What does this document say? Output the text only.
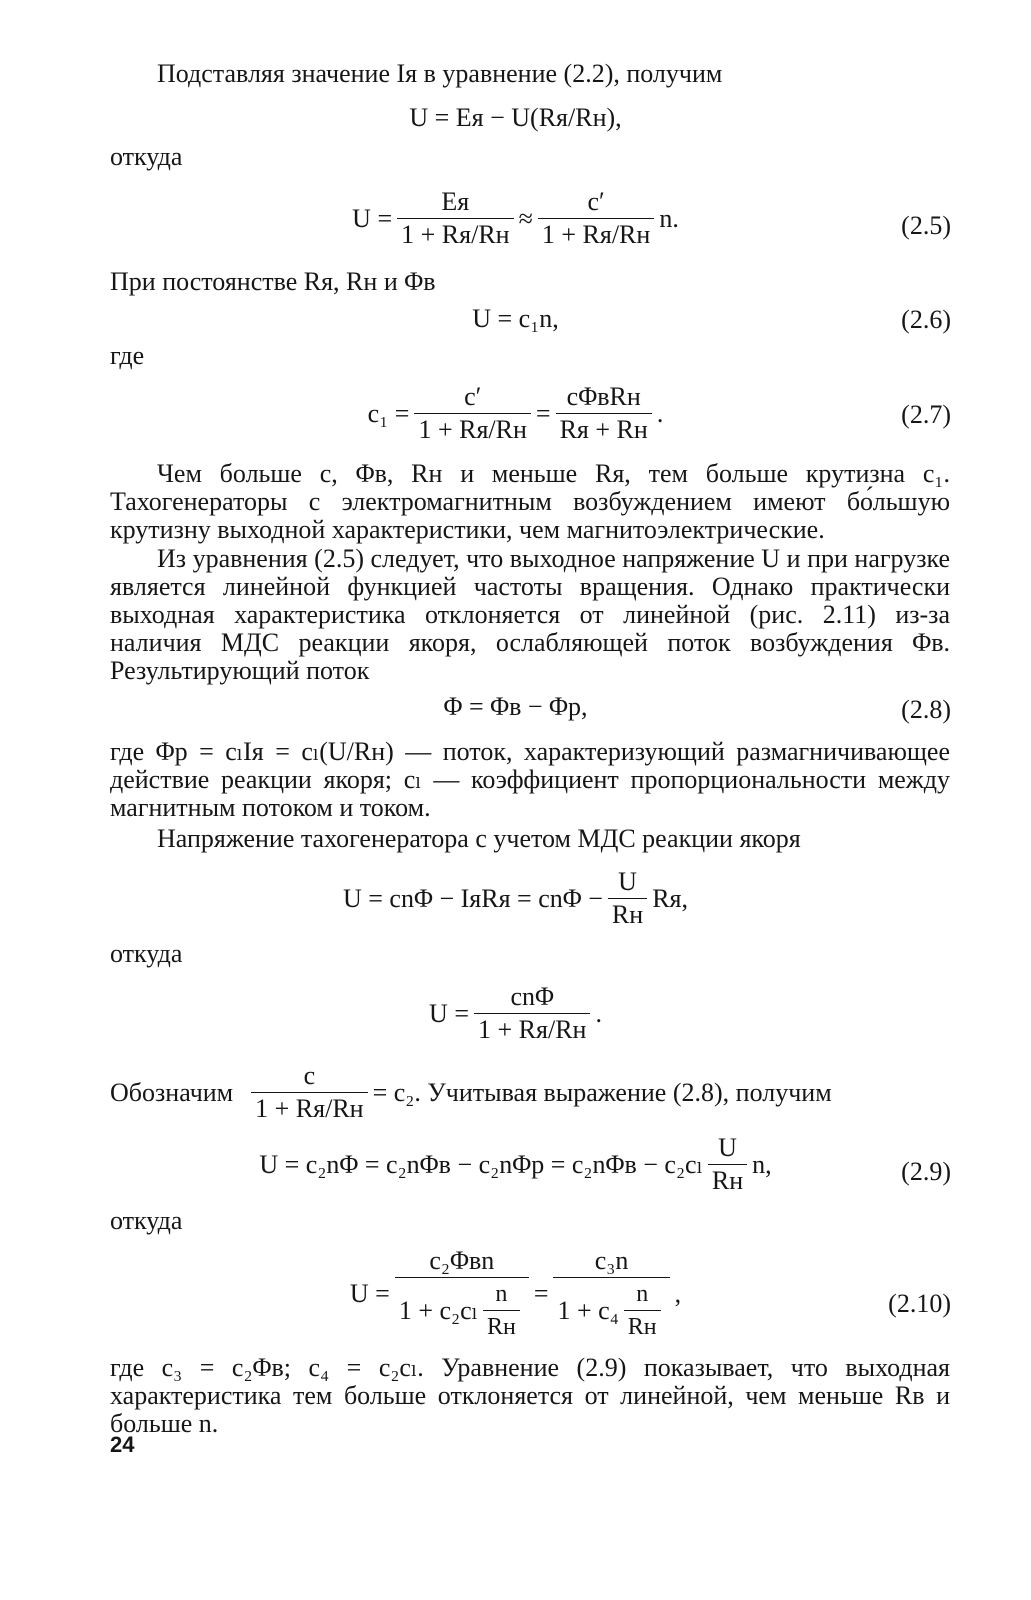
Подставляя значение Iя в уравнение (2.2), получим
U = Eя − U(Rя/Rн),
откуда
$U = \frac{Eя}{1 + Rя/Rн} \approx \frac{c'}{1 + Rя/Rн} n$.	(2.5)
При постоянстве Rя, Rн и Φв
U = c₁n,	(2.6)
где
$c_1 = \frac{c'}{1 + Rя/Rн} = \frac{\text{cΦвRн}}{Rя + Rн}$ .	(2.7)
Чем больше c, Φв, Rн и меньше Rя, тем больше крутизна c₁. Тахогенераторы с электромагнитным возбуждением имеют бо́льшую крутизну выходной характеристики, чем магнитоэлектрические.
Из уравнения (2.5) следует, что выходное напряжение U и при нагрузке является линейной функцией частоты вращения. Однако практически выходная характеристика отклоняется от линейной (рис. 2.11) из-за наличия МДС реакции якоря, ослабляющей поток возбуждения Φв. Результирующий поток
Φ = Φв − Φр,	(2.8)
где Φр = cₗIя = cₗ(U/Rн) — поток, характеризующий размагничивающее действие реакции якоря; cₗ — коэффициент пропорциональности между магнитным потоком и током.
Напряжение тахогенератора с учетом МДС реакции якоря
U = cnΦ − IяRя = $cn\Phi - \frac{U}{Rн}$ Rя,
откуда
$U = \frac{\text{cnΦ}}{1 + Rя/Rн}$ .
Обозначим $\frac{c}{1 + Rя/Rн} = c_2$. Учитывая выражение (2.8), получим
$U = c_2n\Phi = c_2n\Phi в - c_2n\Phi р = c_2n\Phi в - c_2c_l \frac{U}{Rн} n$,	(2.9)
откуда
$U = \frac{\text{c₂Φвn}}{1 + c_2c_l \frac{n}{Rн}} = \frac{\text{c₃n}}{1 + c_4 \frac{n}{Rн}}$ ,	(2.10)
где c₃ = c₂Φв; c₄ = c₂cₗ. Уравнение (2.9) показывает, что выходная характеристика тем больше отклоняется от линейной, чем меньше Rв и больше n.
24
